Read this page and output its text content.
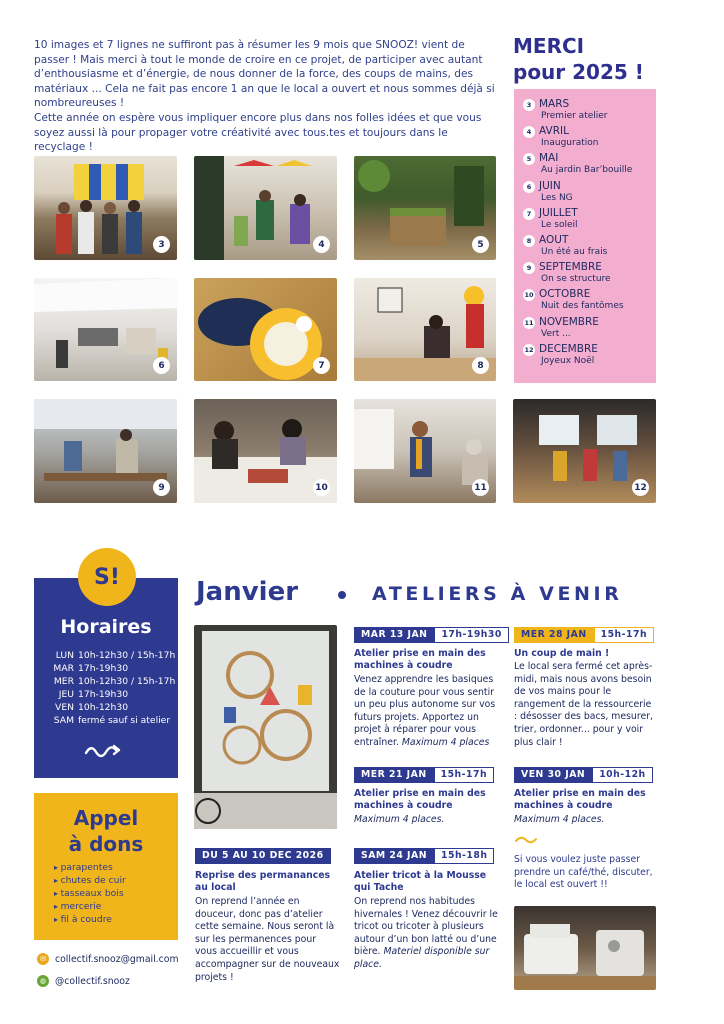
10 images et 7 lignes ne suffiront pas à résumer les 9 mois que SNOOZ! vient de passer ! Mais merci à tout le monde de croire en ce projet, de participer avec autant d’enthousiasme et d’énergie, de nous donner de la force, des coups de mains, des matériaux ... Cela ne fait pas encore 1 an que le local a ouvert et nous sommes déjà si nombreureuses !

Cette année on espère vous impliquer encore plus dans nos folles idées et que vous soyez aussi là pour propager votre créativité avec tous.tes et toujours dans le recyclage !

3	4	5
6	7	8
9	10	11	12
MERCI
pour 2025 !
3 MARS
Premier atelier
4 AVRIL
Inauguration
5 MAI
Au jardin Bar’bouille
6 JUIN
Les NG
7 JUILLET
Le soleil
8 AOUT
Un été au frais
9 SEPTEMBRE
On se structure
10 OCTOBRE
Nuit des fantômes
11 NOVEMBRE
Vert ...
12 DECEMBRE
Joyeux Noël
Horaires
LUN 10h-12h30 / 15h-17h
MAR 17h-19h30
MER 10h-12h30 / 15h-17h
JEU 17h-19h30
VEN 10h-12h30
SAM fermé sauf si atelier
S!
Appel
à dons
▸ parapentes
▸ chutes de cuir
▸ tasseaux bois
▸ mercerie
▸ fil à coudre
✉ collectif.snooz@gmail.com
◍ @collectif.snooz
Janvier	ATELIERS À VENIR
MAR 13 JAN	17h-19h30
Atelier prise en main des machines à coudre
Venez apprendre les basiques de la couture pour vous sentir un peu plus autonome sur vos futurs projets. Apportez un projet à réparer pour vous entraîner. Maximum 4 places
MER 28 JAN	15h-17h
Un coup de main !
Le local sera fermé cet après-midi, mais nous avons besoin de vos mains pour le rangement de la ressourcerie : désosser des bacs, mesurer, trier, ordonner... pour y voir plus clair !
MER 21 JAN	15h-17h
Atelier prise en main des machines à coudre
Maximum 4 places.
VEN 30 JAN	10h-12h
Atelier prise en main des machines à coudre
Maximum 4 places.
DU 5 AU 10 DEC 2026
Reprise des permanances au local
On reprend l’année en douceur, donc pas d’atelier cette semaine. Nous seront là sur les permanences pour vous accueillir et vous accompagner sur de nouveaux projets !
SAM 24 JAN	15h-18h
Atelier tricot à la Mousse qui Tache
On reprend nos habitudes hivernales ! Venez découvrir le tricot ou tricoter à plusieurs autour d’un bon latté ou d’une bière. Materiel disponible sur place.
Si vous voulez juste passer prendre un café/thé, discuter, le local est ouvert !!
